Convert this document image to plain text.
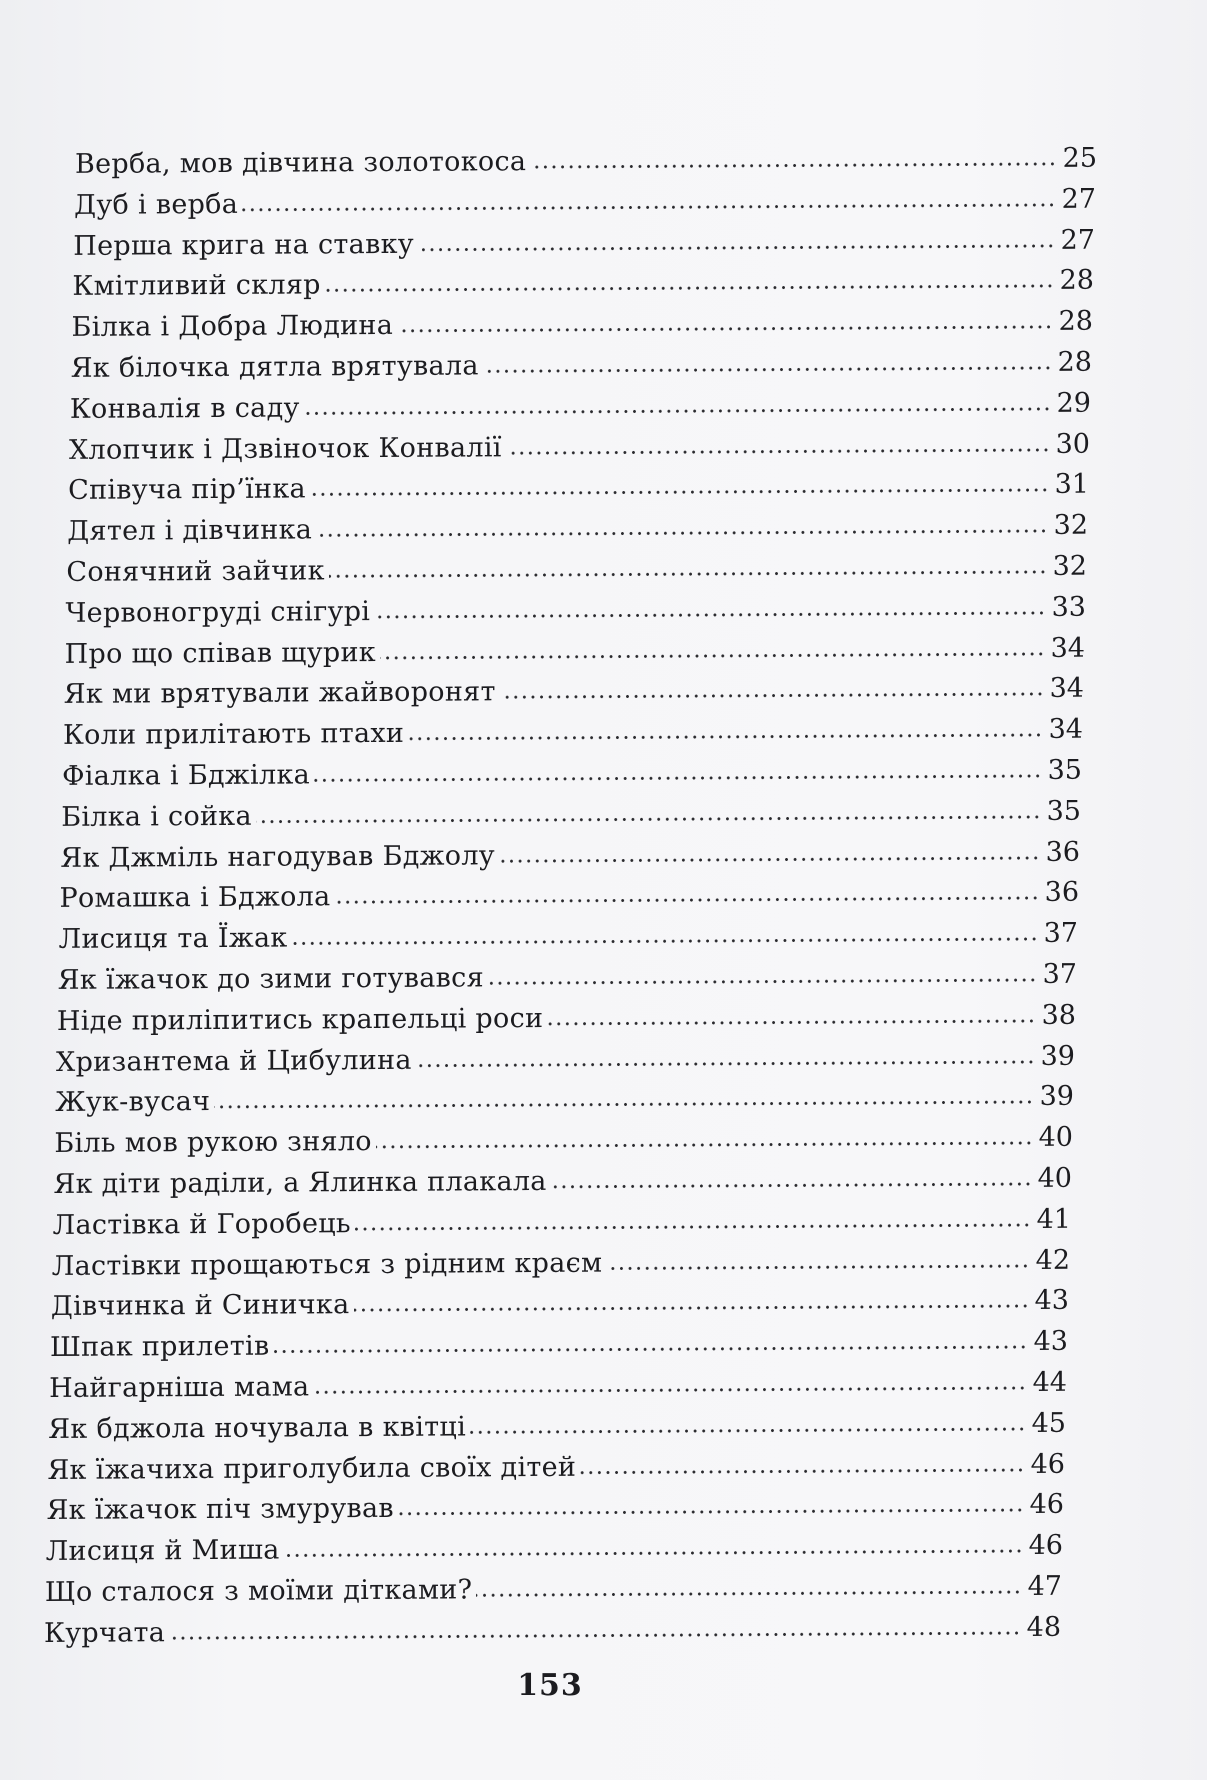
Верба, мов дівчина золотокоса	25
Дуб і верба	27
Перша крига на ставку	27
Кмітливий скляр	28
Білка і Добра Людина	28
Як білочка дятла врятувала	28
Конвалія в саду	29
Хлопчик і Дзвіночок Конвалії	30
Співуча пір’їнка	31
Дятел і дівчинка	32
Сонячний зайчик	32
Червоногруді снігурі	33
Про що співав щурик	34
Як ми врятували жайворонят	34
Коли прилітають птахи	34
Фіалка і Бджілка	35
Білка і сойка	35
Як Джміль нагодував Бджолу	36
Ромашка і Бджола	36
Лисиця та Їжак	37
Як їжачок до зими готувався	37
Ніде приліпитись крапельці роси	38
Хризантема й Цибулина	39
Жук-вусач	39
Біль мов рукою зняло	40
Як діти раділи, а Ялинка плакала	40
Ластівка й Горобець	41
Ластівки прощаються з рідним краєм	42
Дівчинка й Синичка	43
Шпак прилетів	43
Найгарніша мама	44
Як бджола ночувала в квітці	45
Як їжачиха приголубила своїх дітей	46
Як їжачок піч змурував	46
Лисиця й Миша	46
Що сталося з моїми дітками?	47
Курчата	48
153
